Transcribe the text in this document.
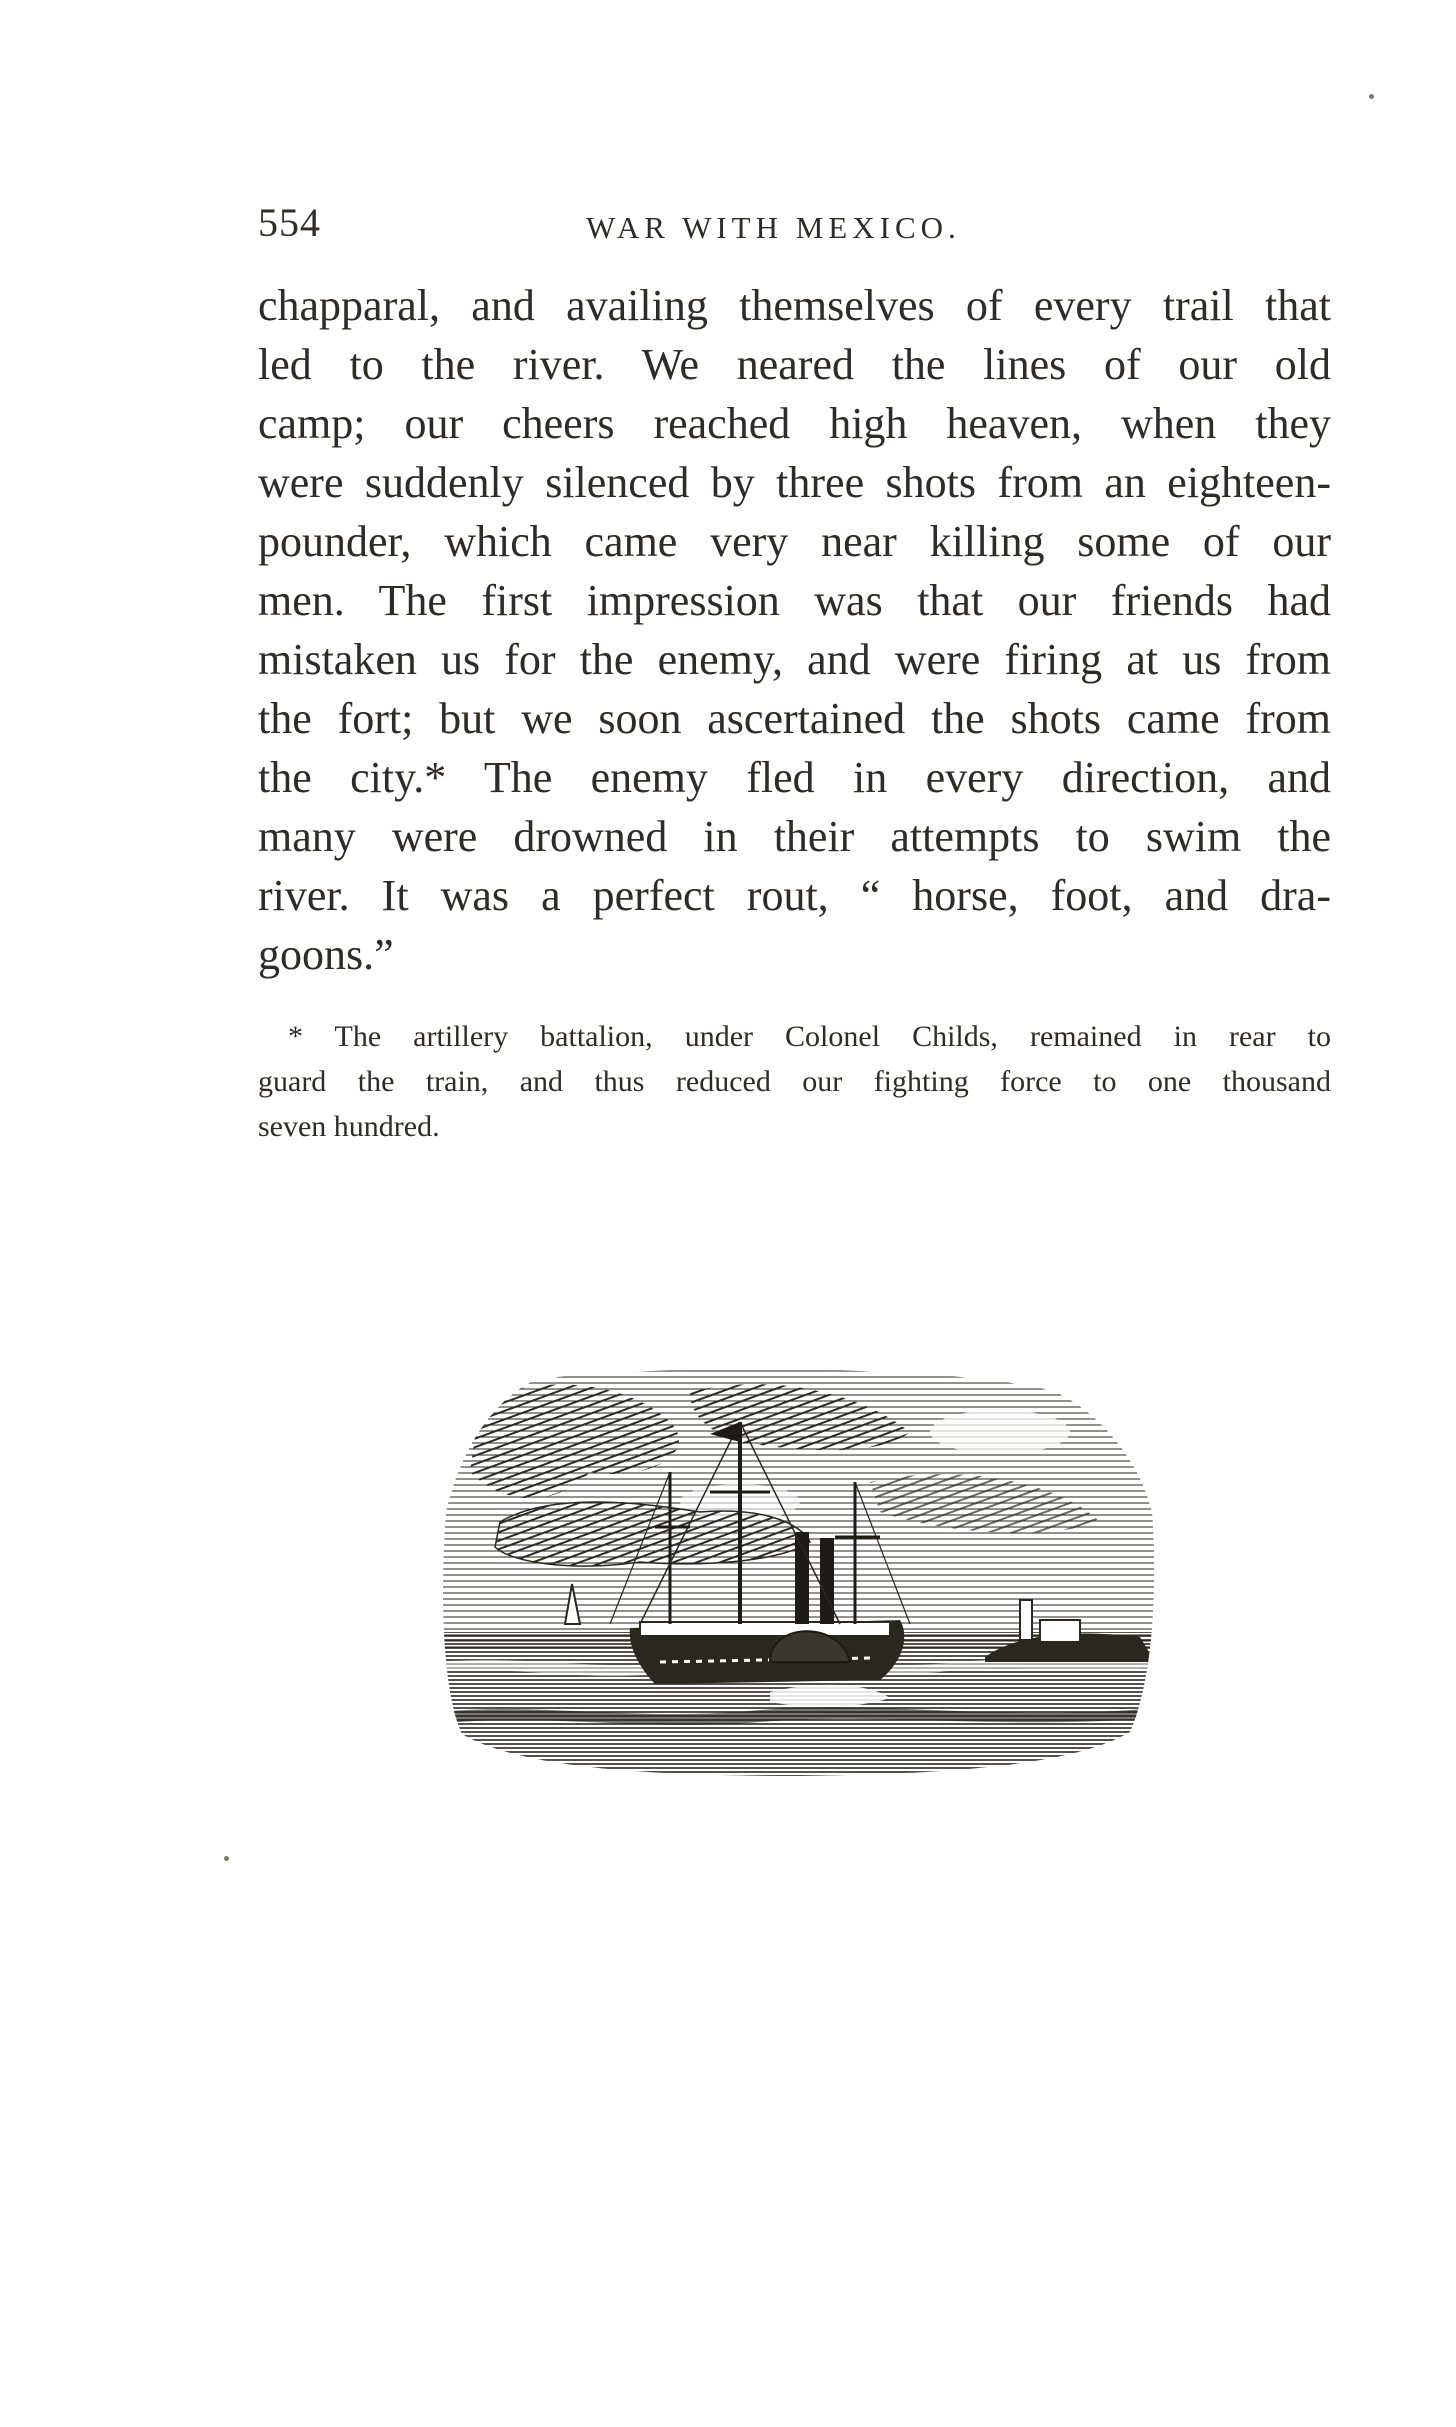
554	WAR WITH MEXICO.
chapparal, and availing themselves of every trail that
led to the river. We neared the lines of our old
camp; our cheers reached high heaven, when they
were suddenly silenced by three shots from an eighteen-
pounder, which came very near killing some of our
men. The first impression was that our friends had
mistaken us for the enemy, and were firing at us from
the fort; but we soon ascertained the shots came from
the city.* The enemy fled in every direction, and
many were drowned in their attempts to swim the
river. It was a perfect rout, “ horse, foot, and dra-
goons.”
* The artillery battalion, under Colonel Childs, remained in rear to
guard the train, and thus reduced our fighting force to one thousand
seven hundred.
